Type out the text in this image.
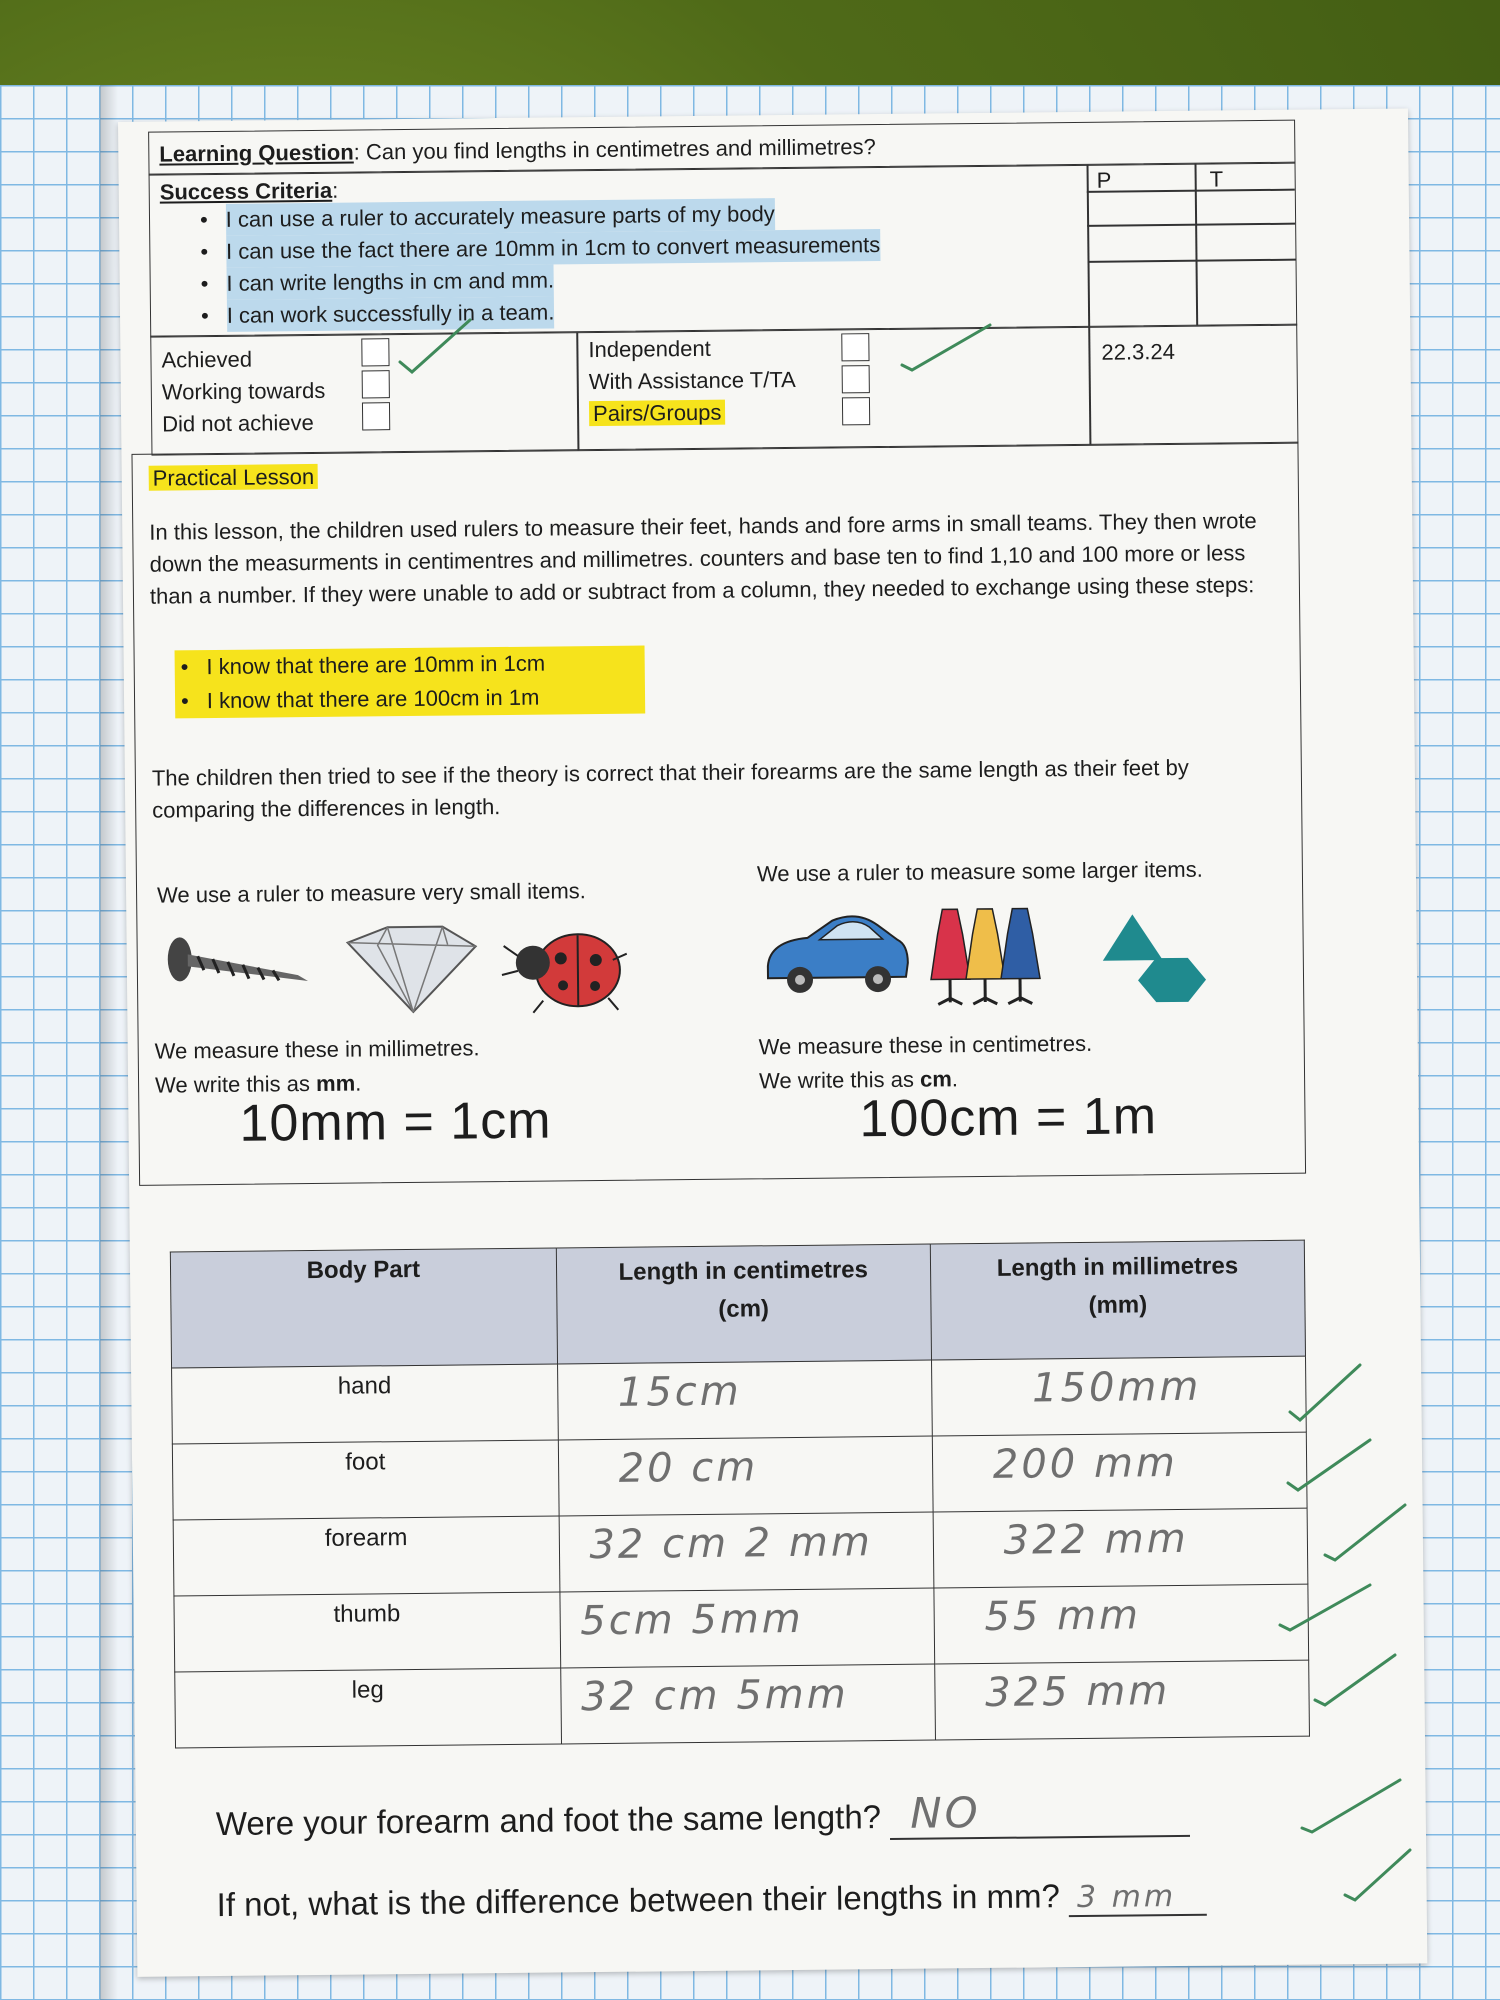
Learning Question: Can you find lengths in centimetres and millimetres?
Success Criteria:
• I can use a ruler to accurately measure parts of my body
• I can use the fact there are 10mm in 1cm to convert measurements
• I can write lengths in cm and mm.
• I can work successfully in a team.
P	T
Achieved
Working towards
Did not achieve
Independent
With Assistance T/TA
Pairs/Groups
22.3.24
Practical Lesson
In this lesson, the children used rulers to measure their feet, hands and fore arms in small teams. They then wrote down the measurments in centimentres and millimetres. counters and base ten to find 1,10 and 100 more or less than a number. If they were unable to add or subtract from a column, they needed to exchange using these steps:
• I know that there are 10mm in 1cm
• I know that there are 100cm in 1m
The children then tried to see if the theory is correct that their forearms are the same length as their feet by comparing the differences in length.
We use a ruler to measure very small items.
We measure these in millimetres.
We write this as mm.
10mm = 1cm
We use a ruler to measure some larger items.
We measure these in centimetres.
We write this as cm.
100cm = 1m
Body Part	Length in centimetres (cm)	Length in millimetres (mm)
hand	15cm	150mm
foot	20 cm	200 mm
forearm	32 cm 2 mm	322 mm
thumb	5cm 5mm	55 mm
leg	32 cm 5mm	325 mm
Were your forearm and foot the same length? NO
If not, what is the difference between their lengths in mm? 3 mm
